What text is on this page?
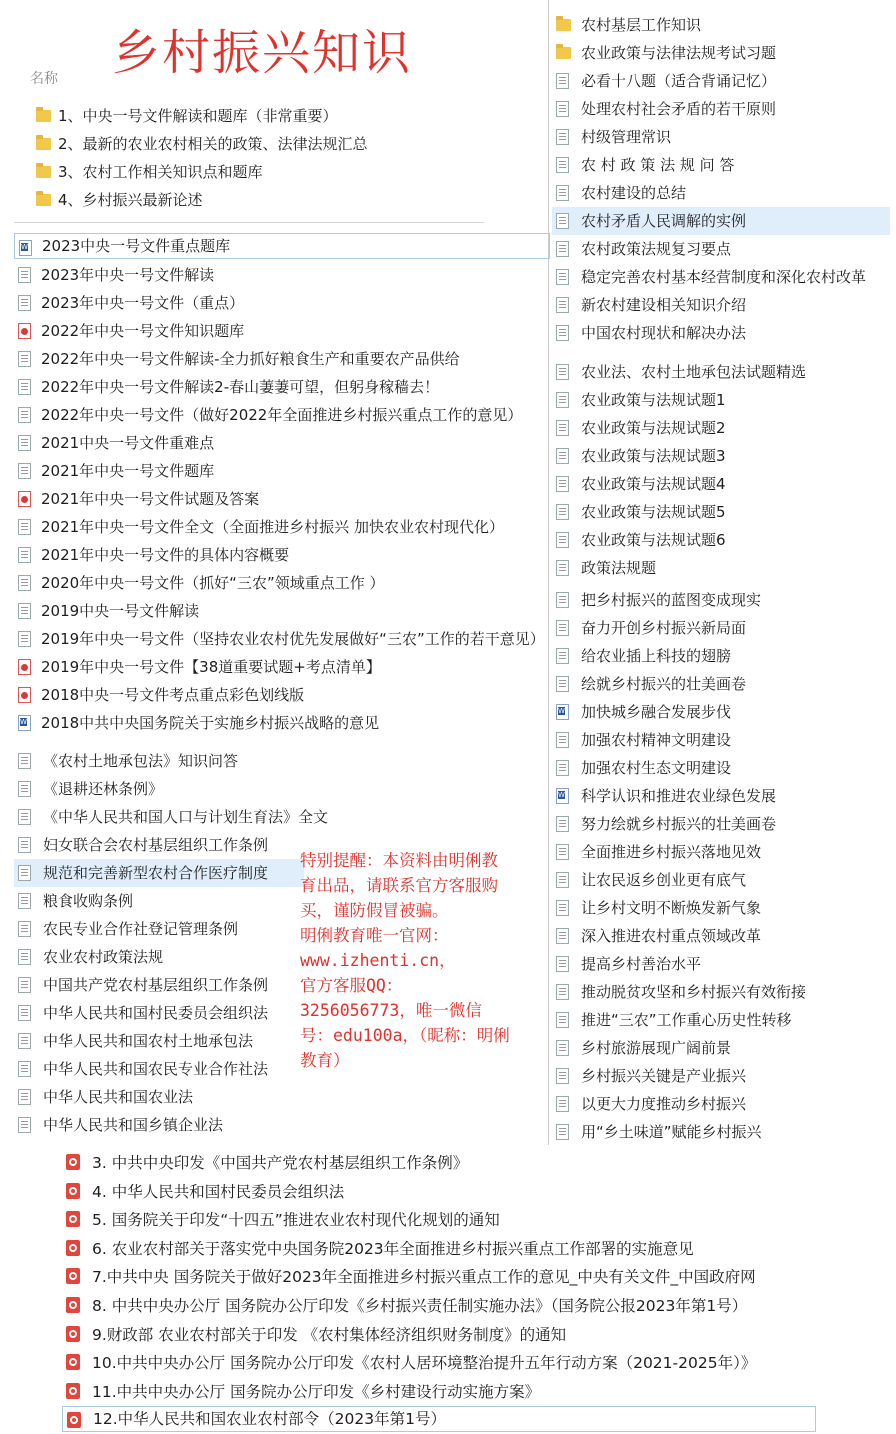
乡村振兴知识
名称
1、中央一号文件解读和题库（非常重要）
2、最新的农业农村相关的政策、法律法规汇总
3、农村工作相关知识点和题库
4、乡村振兴最新论述
W
2023中央一号文件重点题库
2023年中央一号文件解读
2023年中央一号文件（重点）
2022年中央一号文件知识题库
2022年中央一号文件解读-全力抓好粮食生产和重要农产品供给
2022年中央一号文件解读2-春山萋萋可望，但躬身稼穑去！
2022年中央一号文件（做好2022年全面推进乡村振兴重点工作的意见）
2021中央一号文件重难点
2021年中央一号文件题库
2021年中央一号文件试题及答案
2021年中央一号文件全文（全面推进乡村振兴 加快农业农村现代化）
2021年中央一号文件的具体内容概要
2020年中央一号文件（抓好“三农”领域重点工作 ）
2019中央一号文件解读
2019年中央一号文件（坚持农业农村优先发展做好“三农”工作的若干意见）
2019年中央一号文件【38道重要试题+考点清单】
2018中央一号文件考点重点彩色划线版
W
2018中共中央国务院关于实施乡村振兴战略的意见
《农村土地承包法》知识问答
《退耕还林条例》
《中华人民共和国人口与计划生育法》全文
妇女联合会农村基层组织工作条例
规范和完善新型农村合作医疗制度
粮食收购条例
农民专业合作社登记管理条例
农业农村政策法规
中国共产党农村基层组织工作条例
中华人民共和国村民委员会组织法
中华人民共和国农村土地承包法
中华人民共和国农民专业合作社法
中华人民共和国农业法
中华人民共和国乡镇企业法
农村基层工作知识
农业政策与法律法规考试习题
必看十八题（适合背诵记忆）
处理农村社会矛盾的若干原则
村级管理常识
农 村 政 策 法 规 问 答
农村建设的总结
农村矛盾人民调解的实例
农村政策法规复习要点
稳定完善农村基本经营制度和深化农村改革
新农村建设相关知识介绍
中国农村现状和解决办法
农业法、农村土地承包法试题精选
农业政策与法规试题1
农业政策与法规试题2
农业政策与法规试题3
农业政策与法规试题4
农业政策与法规试题5
农业政策与法规试题6
政策法规题
把乡村振兴的蓝图变成现实
奋力开创乡村振兴新局面
给农业插上科技的翅膀
绘就乡村振兴的壮美画卷
W
加快城乡融合发展步伐
加强农村精神文明建设
加强农村生态文明建设
W
科学认识和推进农业绿色发展
努力绘就乡村振兴的壮美画卷
全面推进乡村振兴落地见效
让农民返乡创业更有底气
让乡村文明不断焕发新气象
深入推进农村重点领域改革
提高乡村善治水平
推动脱贫攻坚和乡村振兴有效衔接
推进“三农”工作重心历史性转移
乡村旅游展现广阔前景
乡村振兴关键是产业振兴
以更大力度推动乡村振兴
用“乡土味道”赋能乡村振兴
3. 中共中央印发《中国共产党农村基层组织工作条例》
4. 中华人民共和国村民委员会组织法
5. 国务院关于印发“十四五”推进农业农村现代化规划的通知
6. 农业农村部关于落实党中央国务院2023年全面推进乡村振兴重点工作部署的实施意见
7.中共中央 国务院关于做好2023年全面推进乡村振兴重点工作的意见_中央有关文件_中国政府网
8. 中共中央办公厅 国务院办公厅印发《乡村振兴责任制实施办法》（国务院公报2023年第1号）
9.财政部 农业农村部关于印发 《农村集体经济组织财务制度》的通知
10.中共中央办公厅 国务院办公厅印发《农村人居环境整治提升五年行动方案（2021-2025年）》
11.中共中央办公厅 国务院办公厅印发《乡村建设行动实施方案》
12.中华人民共和国农业农村部令（2023年第1号）
特别提醒：本资料由明俐教育出品，请联系官方客服购买，谨防假冒被骗。
明俐教育唯一官网：www.izhenti.cn，
官方客服QQ：3256056773，唯一微信号：edu100a，（昵称：明俐教育）
